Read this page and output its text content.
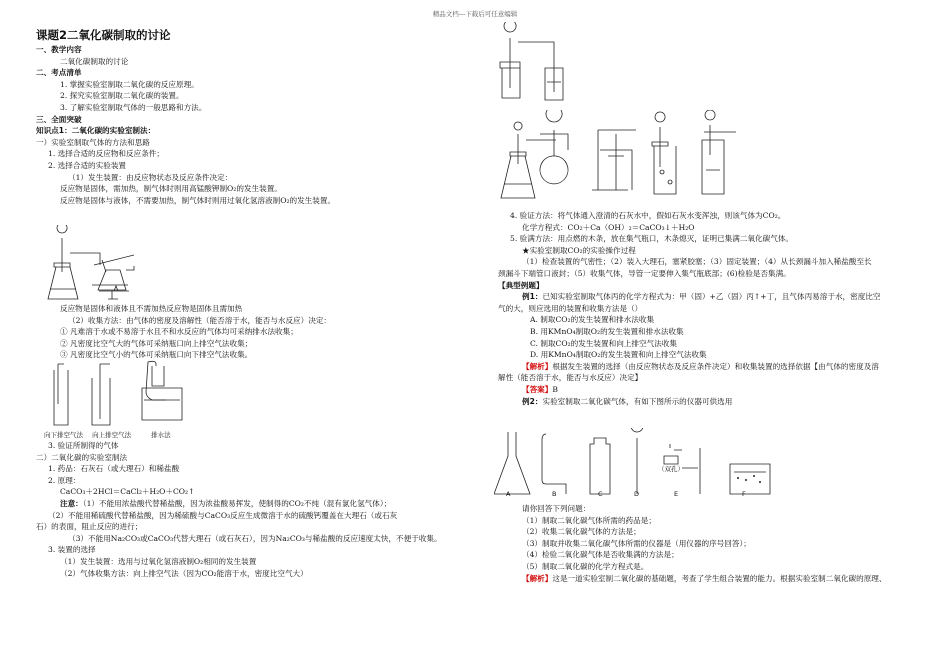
精品文档---下载后可任意编辑
课题2二氧化碳制取的讨论
一、教学内容
二氧化碳制取的讨论
二、考点清单
1. 掌握实验室制取二氧化碳的反应原理。
2. 探究实验室制取二氧化碳的装置。
3. 了解实验室制取气体的一般思路和方法。
三、全面突破
知识点1：二氧化碳的实验室制法：
一）实验室制取气体的方法和思路
1. 选择合适的反应物和反应条件；
2. 选择合适的实验装置
（1）发生装置：由反应物状态及反应条件决定：
反应物是固体，需加热，制气体时则用高锰酸钾制O₂的发生装置。
反应物是固体与液体，不需要加热，制气体时则用过氧化氢溶液制O₂的发生装置。
反应物是固体和液体且不需加热反应物是固体且需加热
（2）收集方法：由气体的密度及溶解性（能否溶于水，能否与水反应）决定：
① 凡难溶于水或不易溶于水且不和水反应的气体均可采纳排水法收集；
② 凡密度比空气大的气体可采纳瓶口向上排空气法收集；
③ 凡密度比空气小的气体可采纳瓶口向下排空气法收集。
向下排空气法 向上排空气法	排水法
3. 验证所制得的气体
二）二氧化碳的实验室制法
1. 药品：石灰石（或大理石）和稀盐酸
2. 原理：
CaCO₃＋2HCl＝CaCl₂＋H₂O＋CO₂↑
注意：（1）不能用浓盐酸代替稀盐酸，因为浓盐酸易挥发，使制得的CO₂不纯（混有氯化氢气体）；
（2）不能用稀硫酸代替稀盐酸，因为稀硫酸与CaCO₃反应生成微溶于水的硫酸钙覆盖在大理石（或石灰
石）的表面，阻止反应的进行；
（3）不能用Na₂CO₃或CaCO₃代替大理石（或石灰石），因为Na₂CO₃与稀盐酸的反应速度太快，不便于收集。
3. 装置的选择
（1）发生装置：选用与过氧化氢溶液制O₂相同的发生装置
（2）气体收集方法：向上排空气法（因为CO₂能溶于水，密度比空气大）
4. 验证方法：将气体通入澄清的石灰水中，假如石灰水变浑浊，则该气体为CO₂。
化学方程式：CO₂＋Ca（OH）₂＝CaCO₃↓＋H₂O
5. 验满方法：用点燃的木条，放在集气瓶口，木条熄灭，证明已集满二氧化碳气体。
★实验室制取CO₂的实验操作过程
（1）检查装置的气密性；（2）装入大理石，塞紧胶塞；（3）固定装置；（4）从长颈漏斗加入稀盐酸至长
颈漏斗下端管口液封；（5）收集气体，导管一定要伸入集气瓶底部；(6)检验是否集满。
【典型例题】
例1：已知实验室制取气体丙的化学方程式为：甲（固）+乙（固）丙↑+丁，且气体丙易溶于水，密度比空
气的大，则应选用的装置和收集方法是（）
A. 制取CO₂的发生装置和排水法收集
B. 用KMnO₄制取O₂的发生装置和排水法收集
C. 制取CO₂的发生装置和向上排空气法收集
D. 用KMnO₄制取O₂的发生装置和向上排空气法收集
【解析】根据发生装置的选择（由反应物状态及反应条件决定）和收集装置的选择依据【由气体的密度及溶
解性（能否溶于水，能否与水反应）决定】
【答案】B
例2：实验室制取二氧化碳气体，有如下图所示的仪器可供选用
（双孔）
A	B	C	D	E	F
请你回答下列问题：
（1）制取二氧化碳气体所需的药品是；
（2）收集二氧化碳气体的方法是；
（3）制取并收集二氧化碳气体所需的仪器是（用仪器的序号回答）；
（4）检验二氧化碳气体是否收集满的方法是；
（5）制取二氧化碳的化学方程式是。
【解析】这是一道实验室制二氧化碳的基础题，考查了学生组合装置的能力。根据实验室制二氧化碳的原理、
